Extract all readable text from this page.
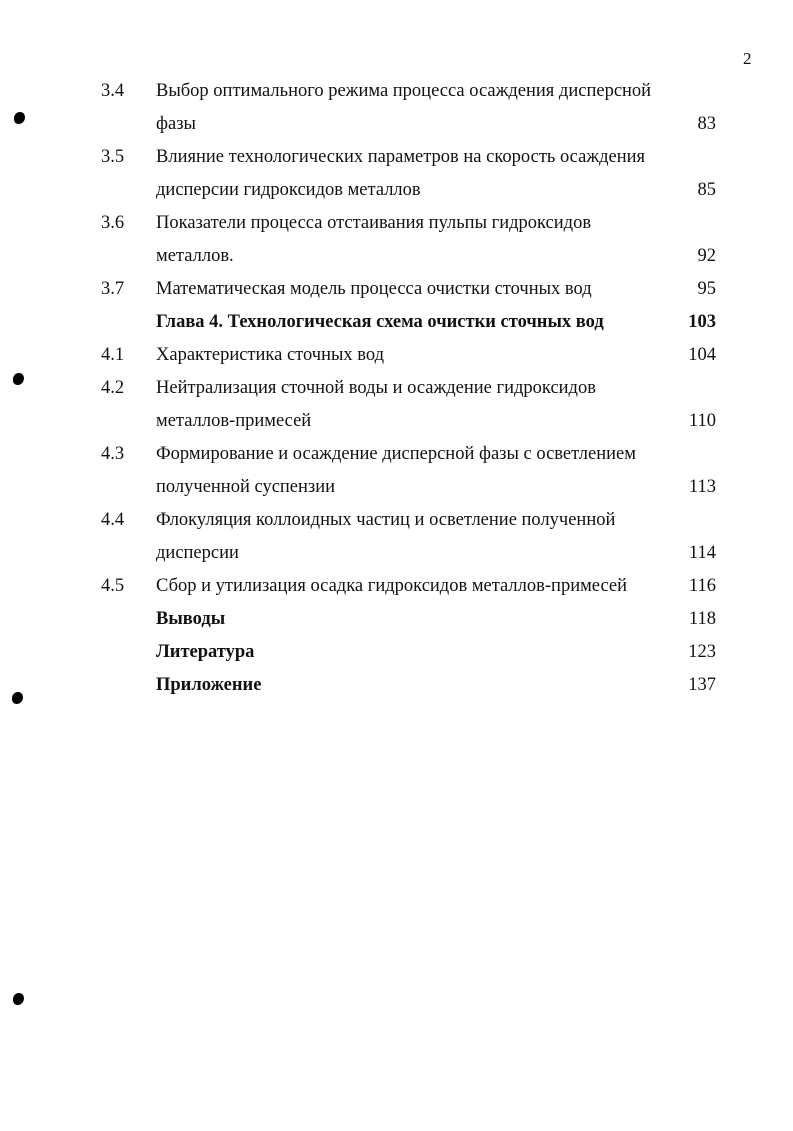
2
3.4 Выбор оптимального режима процесса осаждения дисперсной фазы	83
3.5 Влияние технологических параметров на скорость осаждения дисперсии гидроксидов металлов	85
3.6 Показатели процесса отстаивания пульпы гидроксидов металлов.	92
3.7 Математическая модель процесса очистки сточных вод	95
Глава 4. Технологическая схема очистки сточных вод	103
4.1 Характеристика сточных вод	104
4.2 Нейтрализация сточной воды и осаждение гидроксидов металлов-примесей	110
4.3 Формирование и осаждение дисперсной фазы с осветлением полученной суспензии	113
4.4 Флокуляция коллоидных частиц и осветление полученной дисперсии	114
4.5 Сбор и утилизация осадка гидроксидов металлов-примесей	116
Выводы	118
Литература	123
Приложение	137
